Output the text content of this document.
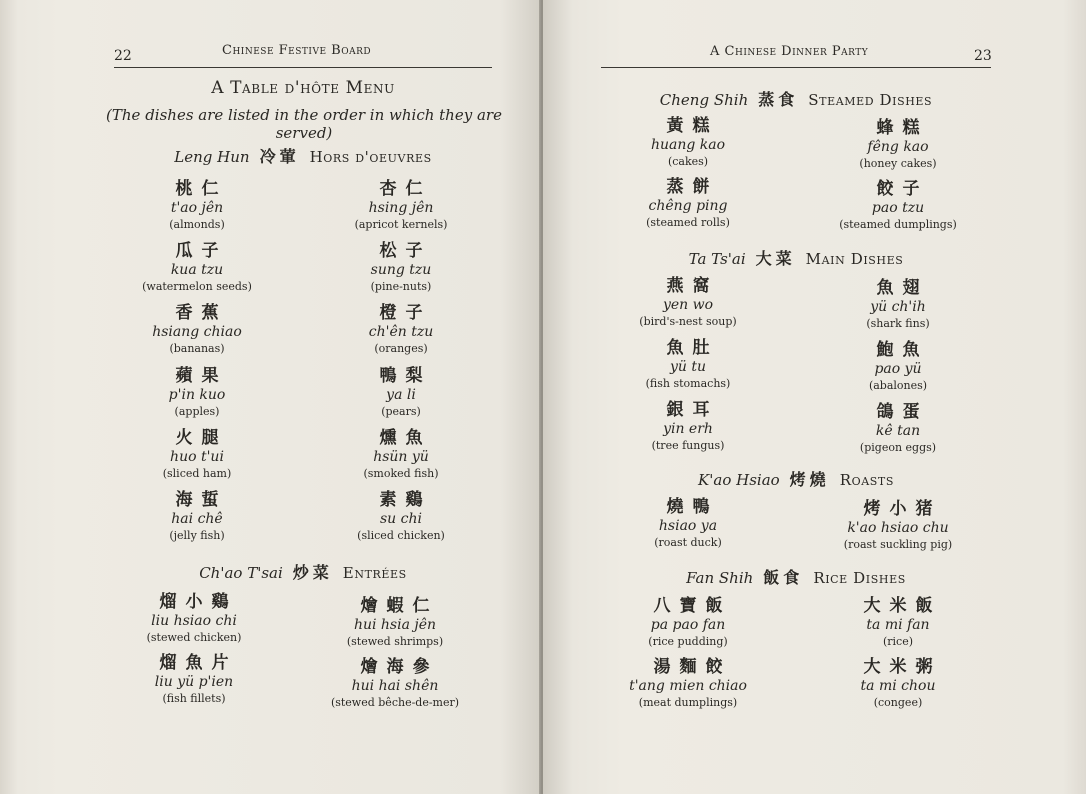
22	Chinese Festive Board
A Table d'hôte Menu
(The dishes are listed in the order in which they are served)
Leng Hun 冷葷 Hors d'oeuvres
桃仁
t'ao jên
(almonds)
杏仁
hsing jên
(apricot kernels)
瓜子
kua tzu
(watermelon seeds)
松子
sung tzu
(pine-nuts)
香蕉
hsiang chiao
(bananas)
橙子
ch'ên tzu
(oranges)
蘋果
p'in kuo
(apples)
鴨梨
ya li
(pears)
火腿
huo t'ui
(sliced ham)
燻魚
hsün yü
(smoked fish)
海蜇
hai chê
(jelly fish)
素鷄
su chi
(sliced chicken)
Ch'ao T'sai 炒菜 Entrées
熘小鷄
liu hsiao chi
(stewed chicken)
燴蝦仁
hui hsia jên
(stewed shrimps)
熘魚片
liu yü p'ien
(fish fillets)
燴海參
hui hai shên
(stewed bêche-de-mer)
A Chinese Dinner Party	23
Cheng Shih 蒸食 Steamed Dishes
黃糕
huang kao
(cakes)
蜂糕
fêng kao
(honey cakes)
蒸餅
chêng ping
(steamed rolls)
餃子
pao tzu
(steamed dumplings)
Ta Ts'ai 大菜 Main Dishes
燕窩
yen wo
(bird's-nest soup)
魚翅
yü ch'ih
(shark fins)
魚肚
yü tu
(fish stomachs)
鮑魚
pao yü
(abalones)
銀耳
yin erh
(tree fungus)
鴿蛋
kê tan
(pigeon eggs)
K'ao Hsiao 烤燒 Roasts
燒鴨
hsiao ya
(roast duck)
烤小猪
k'ao hsiao chu
(roast suckling pig)
Fan Shih 飯食 Rice Dishes
八寶飯
pa pao fan
(rice pudding)
大米飯
ta mi fan
(rice)
湯麵餃
t'ang mien chiao
(meat dumplings)
大米粥
ta mi chou
(congee)
